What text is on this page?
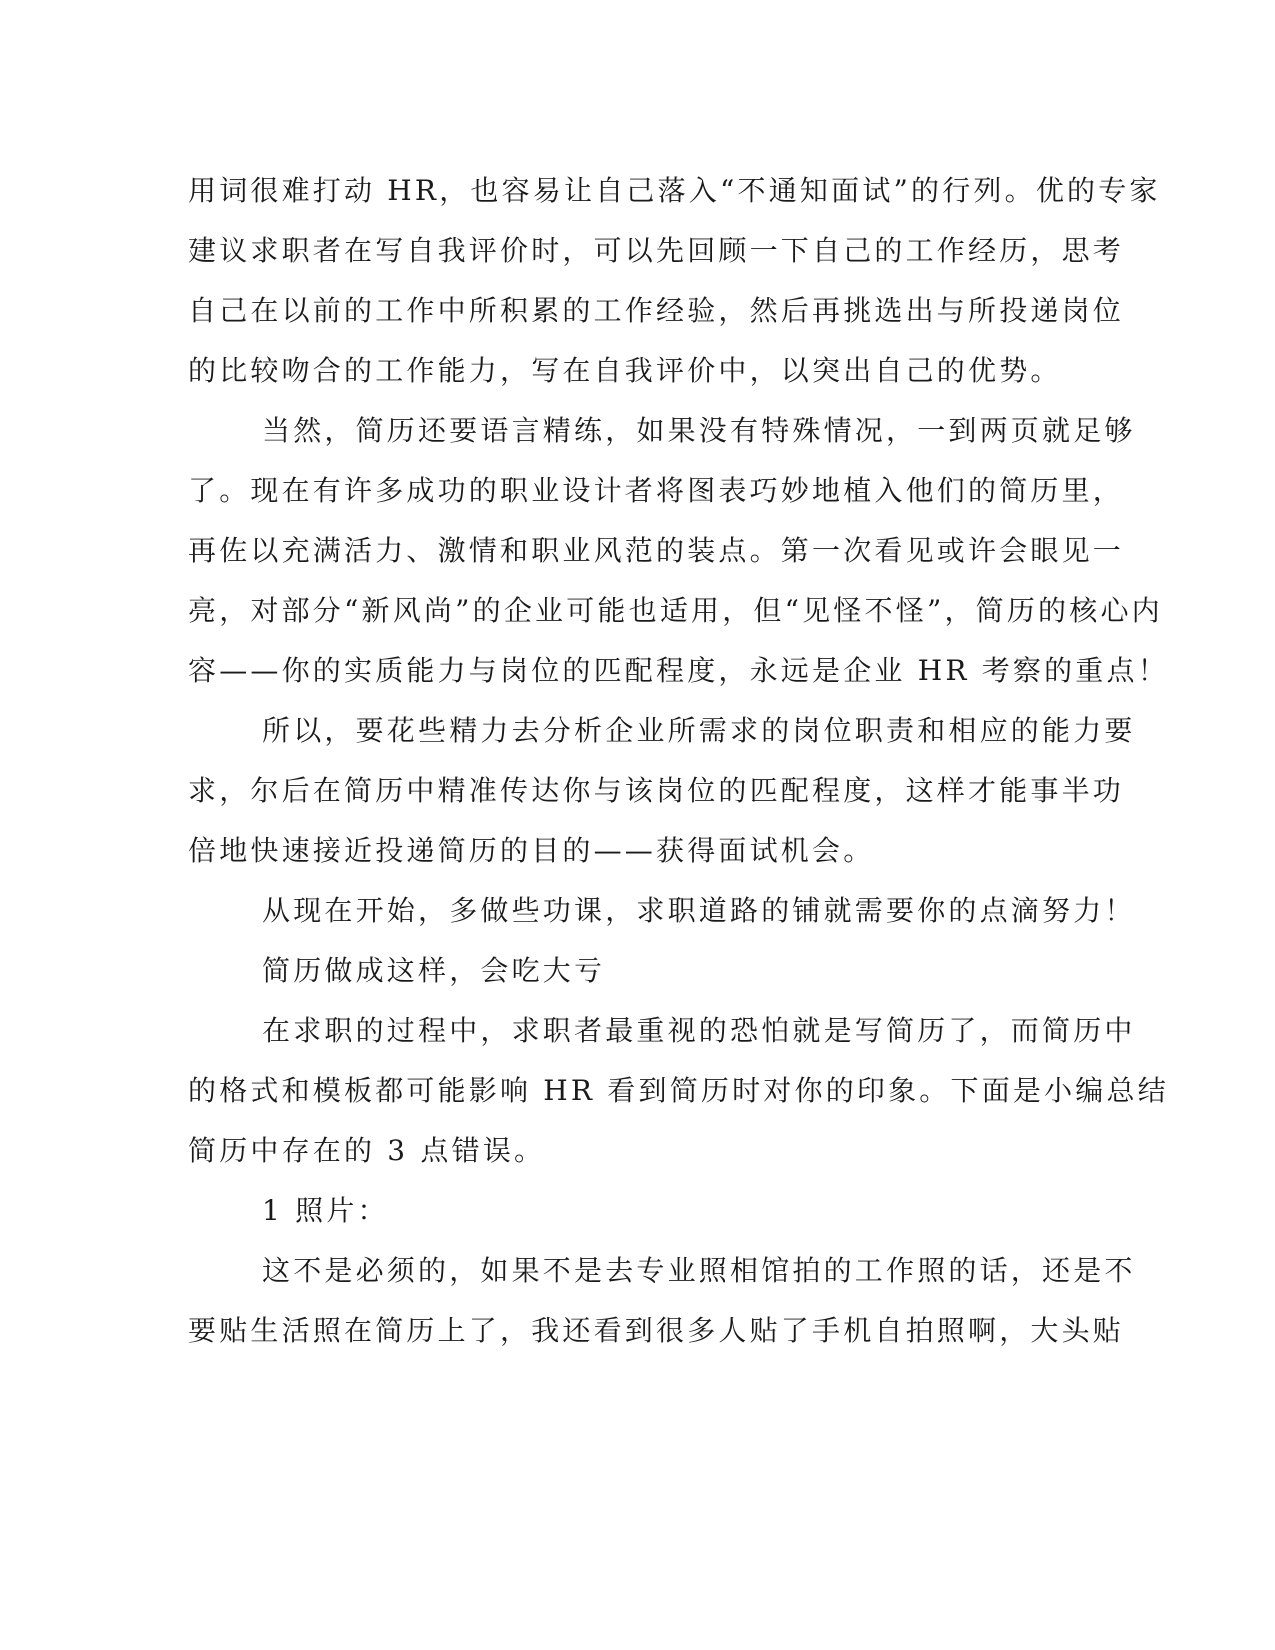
用词很难打动 HR，也容易让自己落入“不通知面试”的行列。优的专家
建议求职者在写自我评价时，可以先回顾一下自己的工作经历，思考
自己在以前的工作中所积累的工作经验，然后再挑选出与所投递岗位
的比较吻合的工作能力，写在自我评价中，以突出自己的优势。
当然，简历还要语言精练，如果没有特殊情况，一到两页就足够
了。现在有许多成功的职业设计者将图表巧妙地植入他们的简历里，
再佐以充满活力、激情和职业风范的装点。第一次看见或许会眼见一
亮，对部分“新风尚”的企业可能也适用，但“见怪不怪”，简历的核心内
容——你的实质能力与岗位的匹配程度，永远是企业 HR 考察的重点！
所以，要花些精力去分析企业所需求的岗位职责和相应的能力要
求，尔后在简历中精准传达你与该岗位的匹配程度，这样才能事半功
倍地快速接近投递简历的目的——获得面试机会。
从现在开始，多做些功课，求职道路的铺就需要你的点滴努力！
简历做成这样，会吃大亏
在求职的过程中，求职者最重视的恐怕就是写简历了，而简历中
的格式和模板都可能影响 HR 看到简历时对你的印象。下面是小编总结
简历中存在的 3 点错误。
1 照片：
这不是必须的，如果不是去专业照相馆拍的工作照的话，还是不
要贴生活照在简历上了，我还看到很多人贴了手机自拍照啊，大头贴
